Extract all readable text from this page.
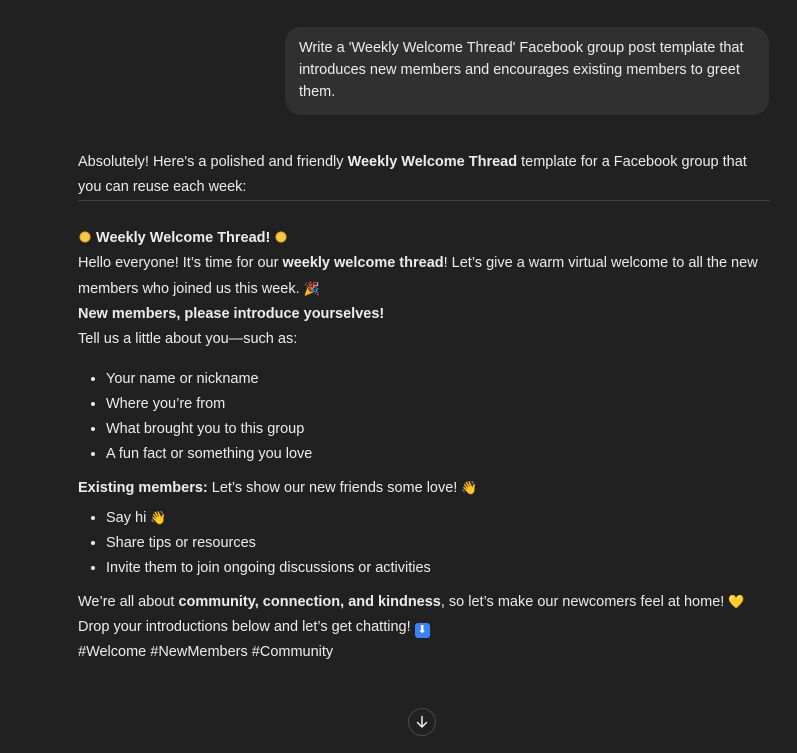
Write a 'Weekly Welcome Thread' Facebook group post template that introduces new members and encourages existing members to greet them.

Absolutely! Here's a polished and friendly Weekly Welcome Thread template for a Facebook group that you can reuse each week:

Weekly Welcome Thread!

Hello everyone! It’s time for our weekly welcome thread! Let’s give a warm virtual welcome to all the new members who joined us this week. 🎉

New members, please introduce yourselves!

Tell us a little about you—such as:

• Your name or nickname
• Where you’re from
• What brought you to this group
• A fun fact or something you love

Existing members: Let’s show our new friends some love! 👋

• Say hi 👋
• Share tips or resources
• Invite them to join ongoing discussions or activities

We’re all about community, connection, and kindness, so let’s make our newcomers feel at home! 💛

Drop your introductions below and let’s get chatting! ⬇

#Welcome #NewMembers #Community
